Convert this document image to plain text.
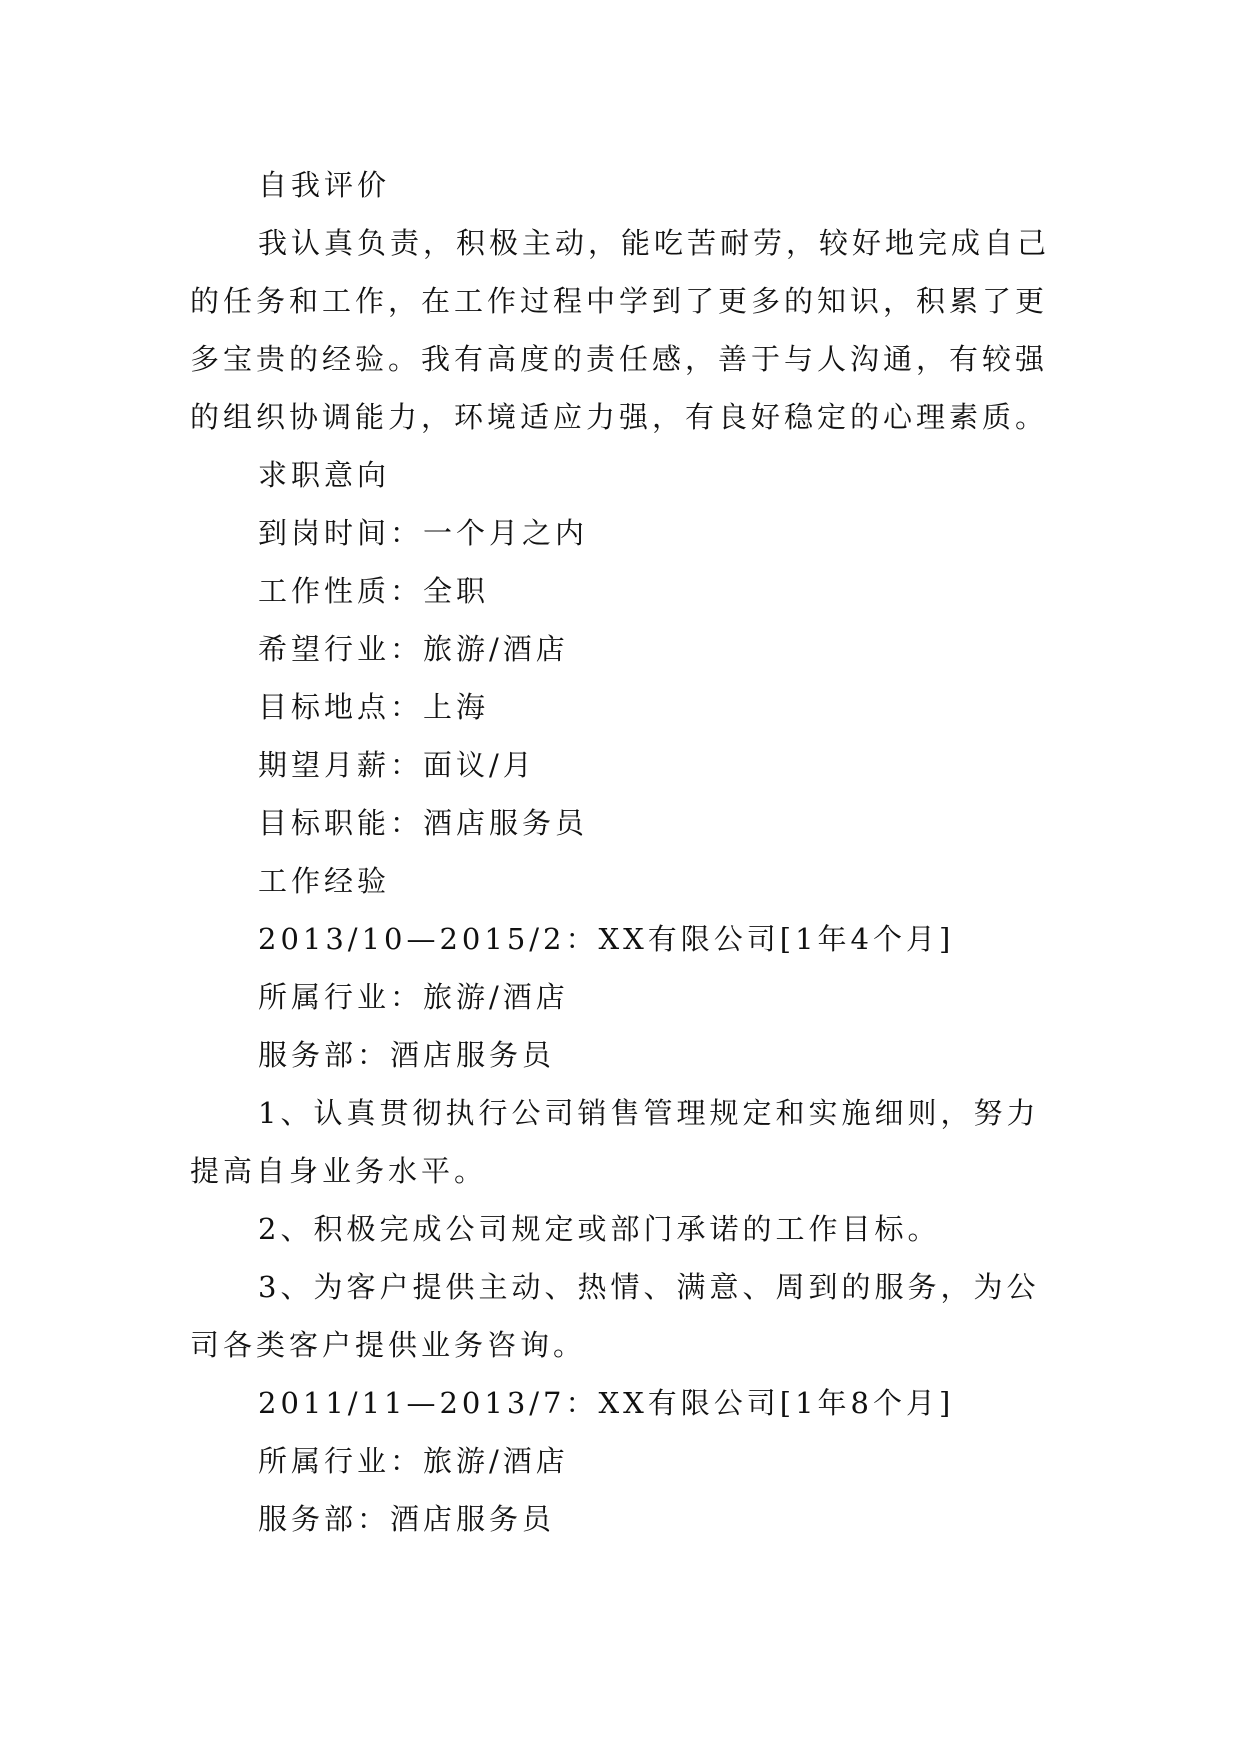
自我评价
我认真负责，积极主动，能吃苦耐劳，较好地完成自己
的任务和工作，在工作过程中学到了更多的知识，积累了更
多宝贵的经验。我有高度的责任感，善于与人沟通，有较强
的组织协调能力，环境适应力强，有良好稳定的心理素质。
求职意向
到岗时间：一个月之内
工作性质：全职
希望行业：旅游/酒店
目标地点：上海
期望月薪：面议/月
目标职能：酒店服务员
工作经验
2013/10—2015/2：XX有限公司[1年4个月]
所属行业：旅游/酒店
服务部：酒店服务员
1、认真贯彻执行公司销售管理规定和实施细则，努力
提高自身业务水平。
2、积极完成公司规定或部门承诺的工作目标。
3、为客户提供主动、热情、满意、周到的服务，为公
司各类客户提供业务咨询。
2011/11—2013/7：XX有限公司[1年8个月]
所属行业：旅游/酒店
服务部：酒店服务员
